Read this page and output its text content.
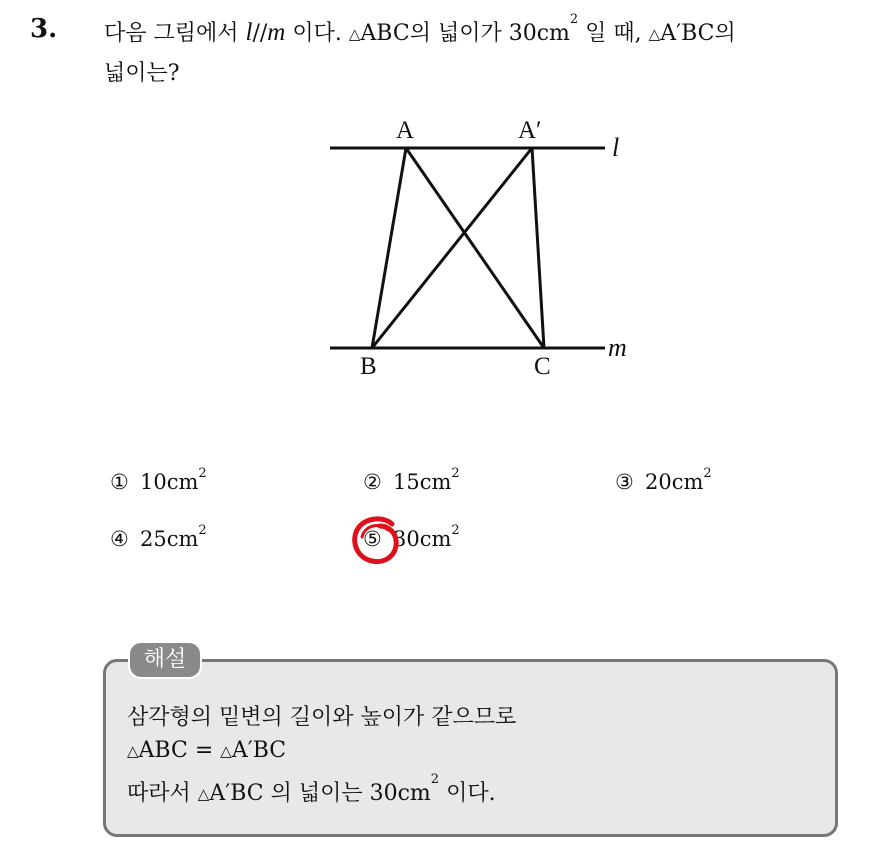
3. 다음 그림에서 l//m 이다. △ABC의 넓이가 $30cm^2$ 일 때, △A′BC의
넓이는?
A	A′
B	C
l
m
① $10cm^2$	② $15cm^2$	③ $20cm^2$
④ $25cm^2$	⑤ $30cm^2$
해설
삼각형의 밑변의 길이와 높이가 같으므로
△ABC = △A′BC
따라서 △A′BC 의 넓이는 $30cm^2$ 이다.
